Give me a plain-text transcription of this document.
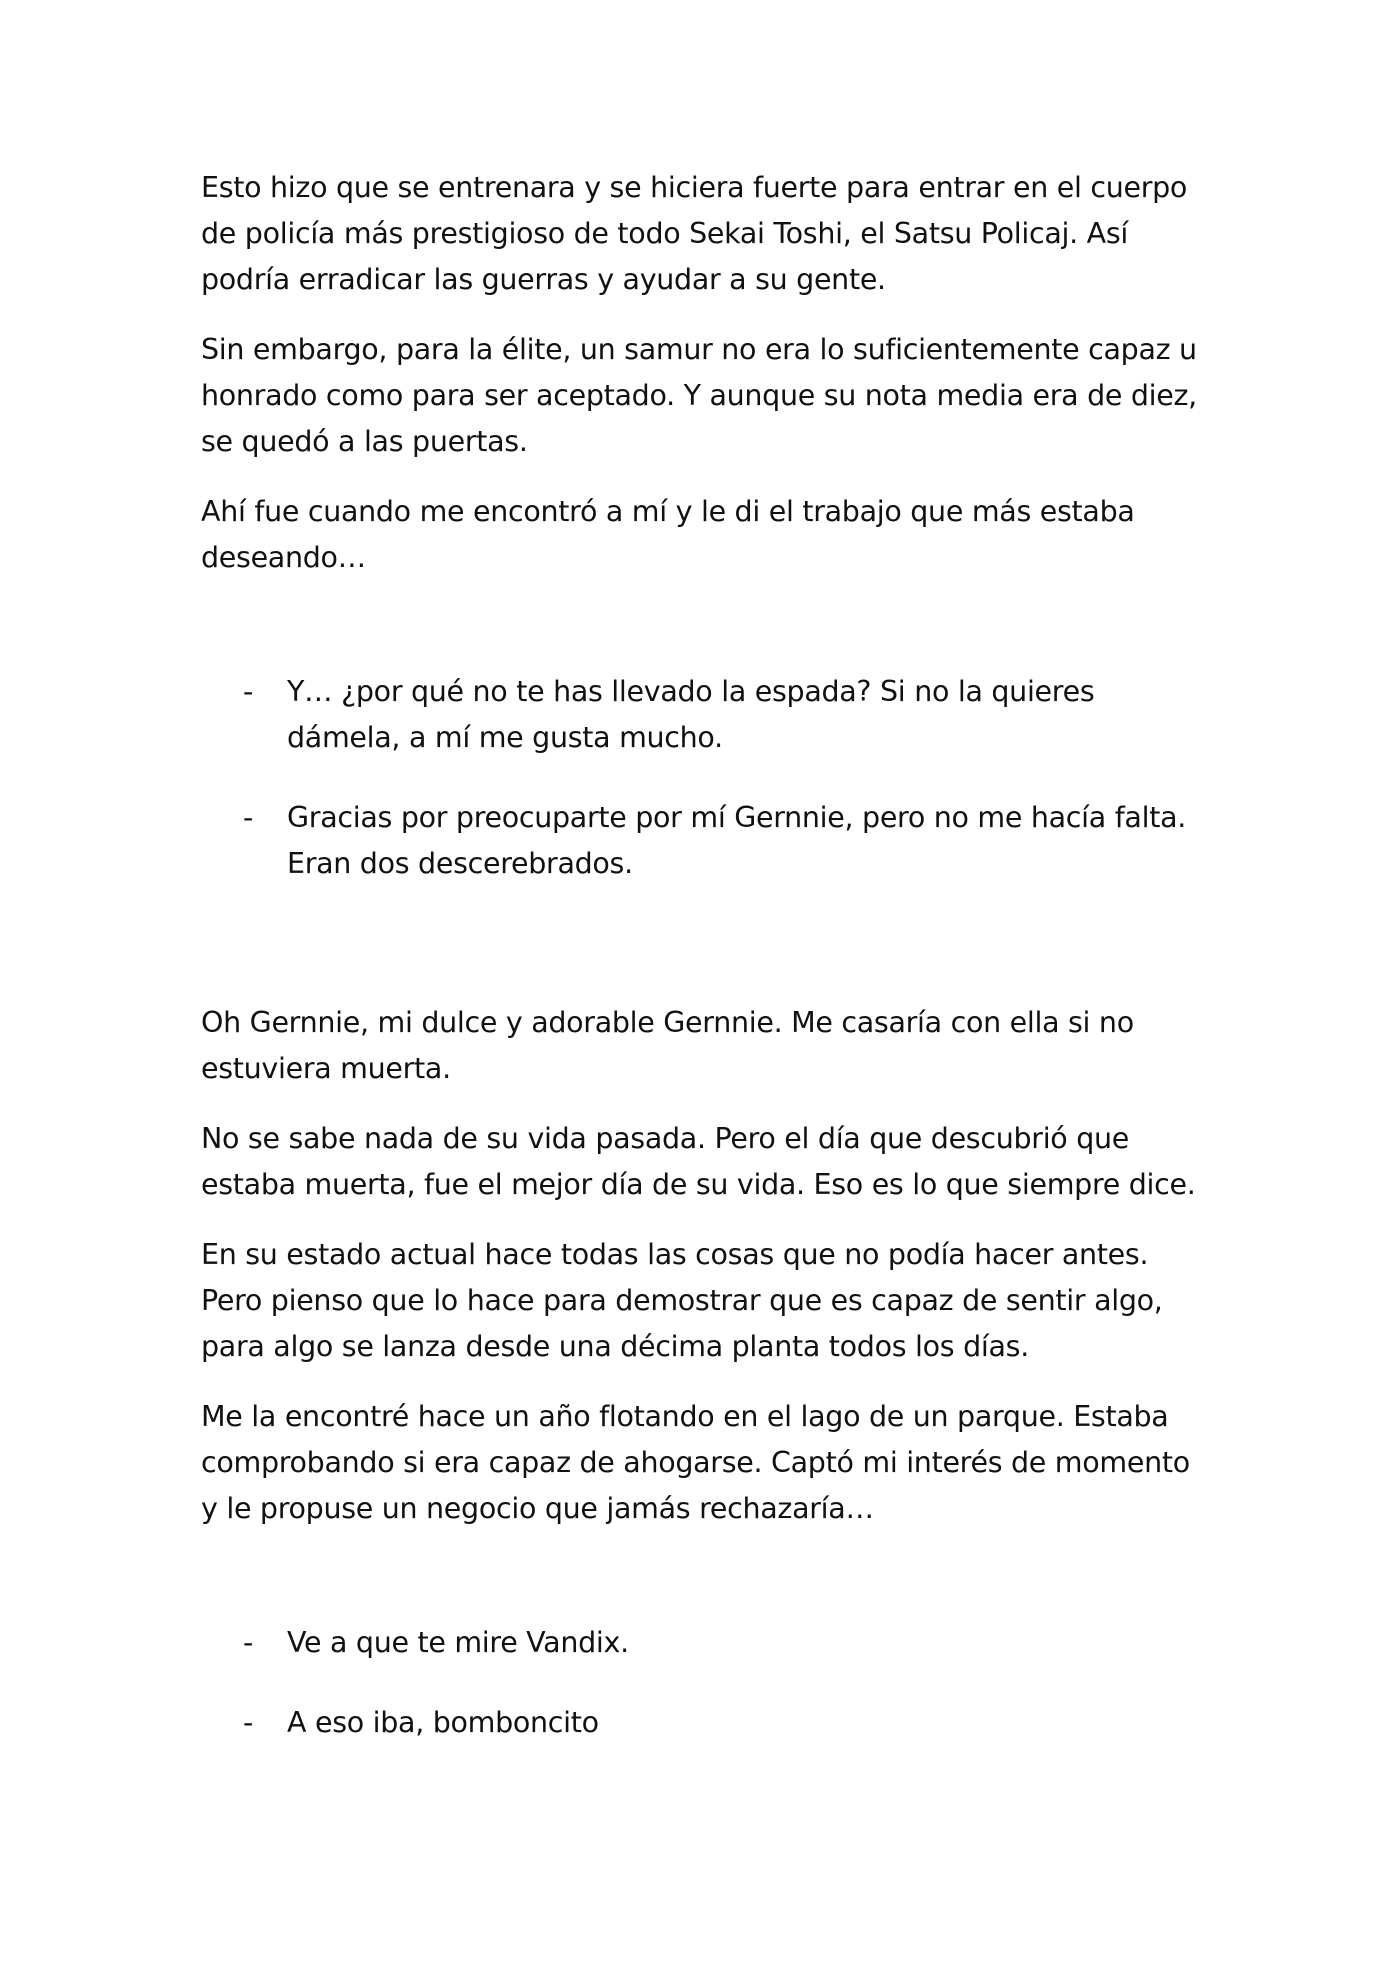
Esto hizo que se entrenara y se hiciera fuerte para entrar en el cuerpo de policía más prestigioso de todo Sekai Toshi, el Satsu Policaj. Así podría erradicar las guerras y ayudar a su gente.

Sin embargo, para la élite, un samur no era lo suficientemente capaz u honrado como para ser aceptado. Y aunque su nota media era de diez, se quedó a las puertas.

Ahí fue cuando me encontró a mí y le di el trabajo que más estaba deseando…

- Y… ¿por qué no te has llevado la espada? Si no la quieres dámela, a mí me gusta mucho.
- Gracias por preocuparte por mí Gernnie, pero no me hacía falta. Eran dos descerebrados.

Oh Gernnie, mi dulce y adorable Gernnie. Me casaría con ella si no estuviera muerta.

No se sabe nada de su vida pasada. Pero el día que descubrió que estaba muerta, fue el mejor día de su vida. Eso es lo que siempre dice.

En su estado actual hace todas las cosas que no podía hacer antes. Pero pienso que lo hace para demostrar que es capaz de sentir algo, para algo se lanza desde una décima planta todos los días.

Me la encontré hace un año flotando en el lago de un parque. Estaba comprobando si era capaz de ahogarse. Captó mi interés de momento y le propuse un negocio que jamás rechazaría…

- Ve a que te mire Vandix.
- A eso iba, bomboncito
